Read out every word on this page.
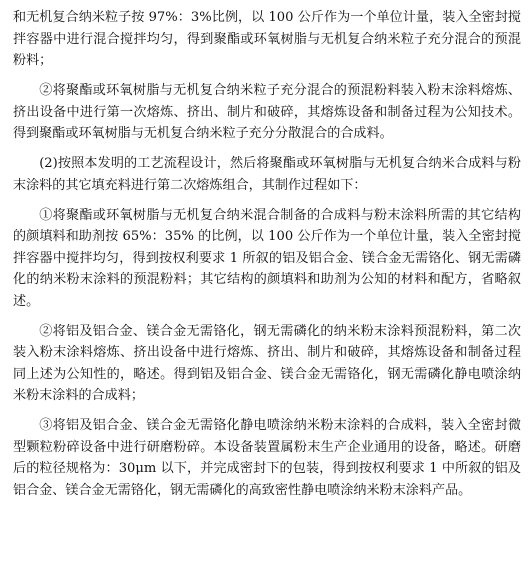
和无机复合纳米粒子按 97%：3%比例，以 100 公斤作为一个单位计量，装入全密封搅拌容器中进行混合搅拌均匀，得到聚酯或环氧树脂与无机复合纳米粒子充分混合的预混粉料；

②将聚酯或环氧树脂与无机复合纳米粒子充分混合的预混粉料装入粉末涂料熔炼、挤出设备中进行第一次熔炼、挤出、制片和破碎，其熔炼设备和制备过程为公知技术。得到聚酯或环氧树脂与无机复合纳米粒子充分分散混合的合成料。

(2)按照本发明的工艺流程设计，然后将聚酯或环氧树脂与无机复合纳米合成料与粉末涂料的其它填充料进行第二次熔炼组合，其制作过程如下：

①将聚酯或环氧树脂与无机复合纳米混合制备的合成料与粉末涂料所需的其它结构的颜填料和助剂按 65%：35% 的比例，以 100 公斤作为一个单位计量，装入全密封搅拌容器中搅拌均匀，得到按权利要求 1 所叙的铝及铝合金、镁合金无需铬化、钢无需磷化的纳米粉末涂料的预混粉料；其它结构的颜填料和助剂为公知的材料和配方，省略叙述。

②将铝及铝合金、镁合金无需铬化，钢无需磷化的纳米粉末涂料预混粉料，第二次装入粉末涂料熔炼、挤出设备中进行熔炼、挤出、制片和破碎，其熔炼设备和制备过程同上述为公知性的，略述。得到铝及铝合金、镁合金无需铬化，钢无需磷化静电喷涂纳米粉末涂料的合成料；

③将铝及铝合金、镁合金无需铬化静电喷涂纳米粉末涂料的合成料，装入全密封微型颗粒粉碎设备中进行研磨粉碎。本设备装置属粉末生产企业通用的设备，略述。研磨后的粒径规格为：30μm 以下，并完成密封下的包装，得到按权利要求 1 中所叙的铝及铝合金、镁合金无需铬化，钢无需磷化的高致密性静电喷涂纳米粉末涂料产品。
